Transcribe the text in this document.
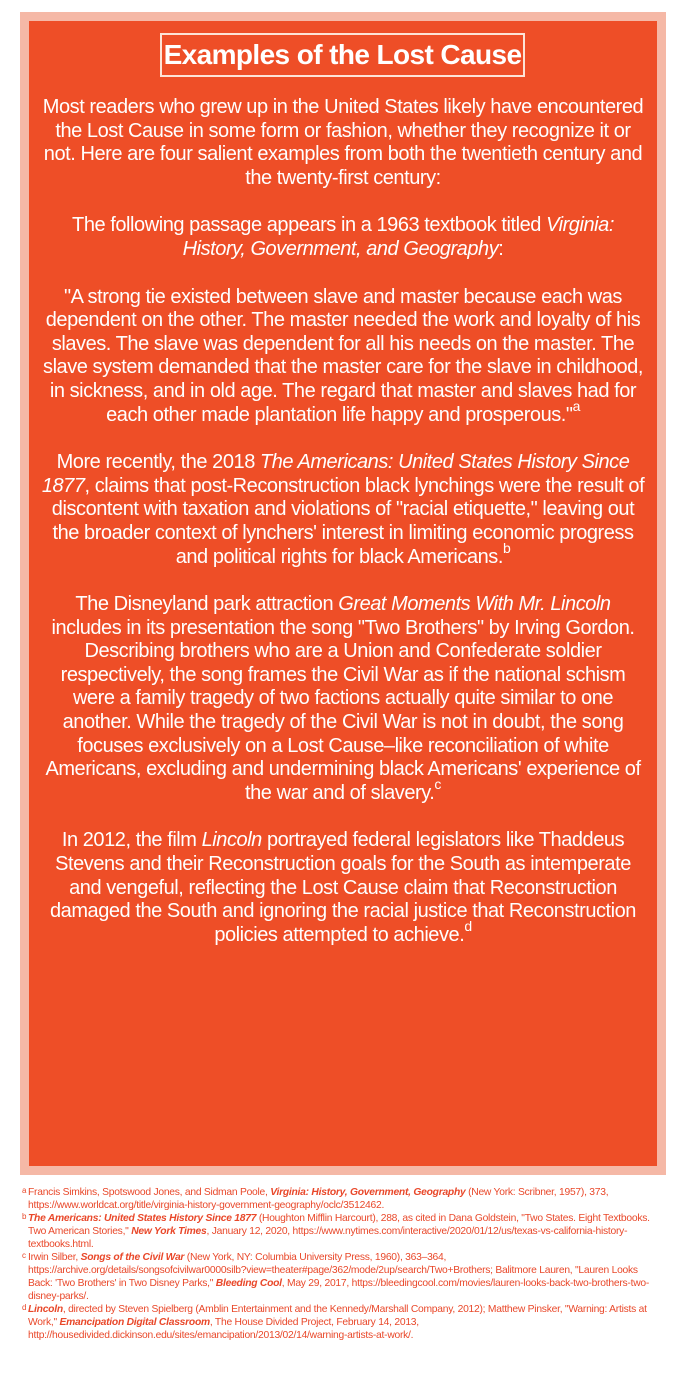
Examples of the Lost Cause

Most readers who grew up in the United States likely have encountered the Lost Cause in some form or fashion, whether they recognize it or not. Here are four salient examples from both the twentieth century and the twenty-first century:

The following passage appears in a 1963 textbook titled Virginia: History, Government, and Geography:

"A strong tie existed between slave and master because each was dependent on the other. The master needed the work and loyalty of his slaves. The slave was dependent for all his needs on the master. The slave system demanded that the master care for the slave in childhood, in sickness, and in old age. The regard that master and slaves had for each other made plantation life happy and prosperous."$^a$

More recently, the 2018 The Americans: United States History Since 1877, claims that post-Reconstruction black lynchings were the result of discontent with taxation and violations of "racial etiquette," leaving out the broader context of lynchers' interest in limiting economic progress and political rights for black Americans.$^b$

The Disneyland park attraction Great Moments With Mr. Lincoln includes in its presentation the song "Two Brothers" by Irving Gordon. Describing brothers who are a Union and Confederate soldier respectively, the song frames the Civil War as if the national schism were a family tragedy of two factions actually quite similar to one another. While the tragedy of the Civil War is not in doubt, the song focuses exclusively on a Lost Cause–like reconciliation of white Americans, excluding and undermining black Americans' experience of the war and of slavery.$^c$

In 2012, the film Lincoln portrayed federal legislators like Thaddeus Stevens and their Reconstruction goals for the South as intemperate and vengeful, reflecting the Lost Cause claim that Reconstruction damaged the South and ignoring the racial justice that Reconstruction policies attempted to achieve.$^d$

a Francis Simkins, Spotswood Jones, and Sidman Poole, Virginia: History, Government, Geography (New York: Scribner, 1957), 373, https://www.worldcat.org/title/virginia-history-government-geography/oclc/3512462.
b The Americans: United States History Since 1877 (Houghton Mifflin Harcourt), 288, as cited in Dana Goldstein, "Two States. Eight Textbooks. Two American Stories," New York Times, January 12, 2020, https://www.nytimes.com/interactive/2020/01/12/us/texas-vs-california-history-textbooks.html.
c Irwin Silber, Songs of the Civil War (New York, NY: Columbia University Press, 1960), 363–364, https://archive.org/details/songsofcivilwar0000silb?view=theater#page/362/mode/2up/search/Two+Brothers; Balitmore Lauren, "Lauren Looks Back: 'Two Brothers' in Two Disney Parks," Bleeding Cool, May 29, 2017, https://bleedingcool.com/movies/lauren-looks-back-two-brothers-two-disney-parks/.
d Lincoln, directed by Steven Spielberg (Amblin Entertainment and the Kennedy/Marshall Company, 2012); Matthew Pinsker, "Warning: Artists at Work," Emancipation Digital Classroom, The House Divided Project, February 14, 2013, http://housedivided.dickinson.edu/sites/emancipation/2013/02/14/warning-artists-at-work/.
